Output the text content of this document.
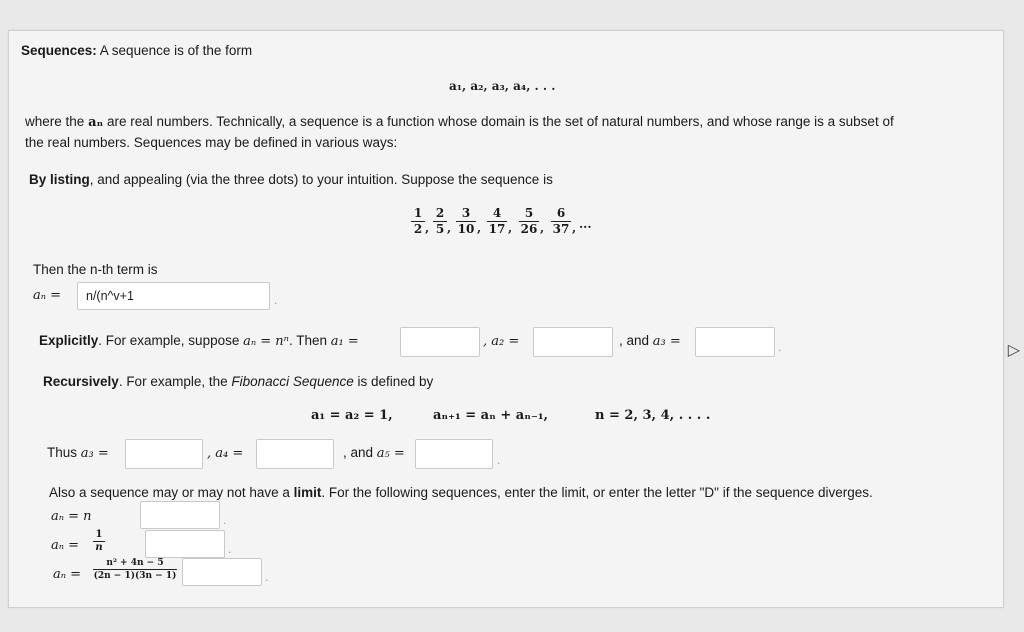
Sequences: A sequence is of the form
a₁, a₂, a₃, a₄, . . .
where the aₙ are real numbers. Technically, a sequence is a function whose domain is the set of natural numbers, and whose range is a subset of
the real numbers. Sequences may be defined in various ways:
By listing, and appealing (via the three dots) to your intuition. Suppose the sequence is
1
2 ,
2
5 ,
3
10 ,
4
17 ,
5
26 ,
6
37 , ...
Then the n-th term is
aₙ =
n/(n^v+1	.
Explicitly. For example, suppose aₙ = nⁿ. Then a₁ =	, a₂ =	, and a₃ =	.
Recursively. For example, the Fibonacci Sequence is defined by
a₁ = a₂ = 1,	aₙ₊₁ = aₙ + aₙ₋₁,	n = 2, 3, 4, . . . .
Thus a₃ =	, a₄ =	, and a₅ =	.
Also a sequence may or may not have a limit. For the following sequences, enter the limit, or enter the letter "D" if the sequence diverges.
aₙ = n	.
aₙ =
1
n	.
aₙ =
n² + 4n − 5
(2n − 1)(3n − 1)	.
▷
